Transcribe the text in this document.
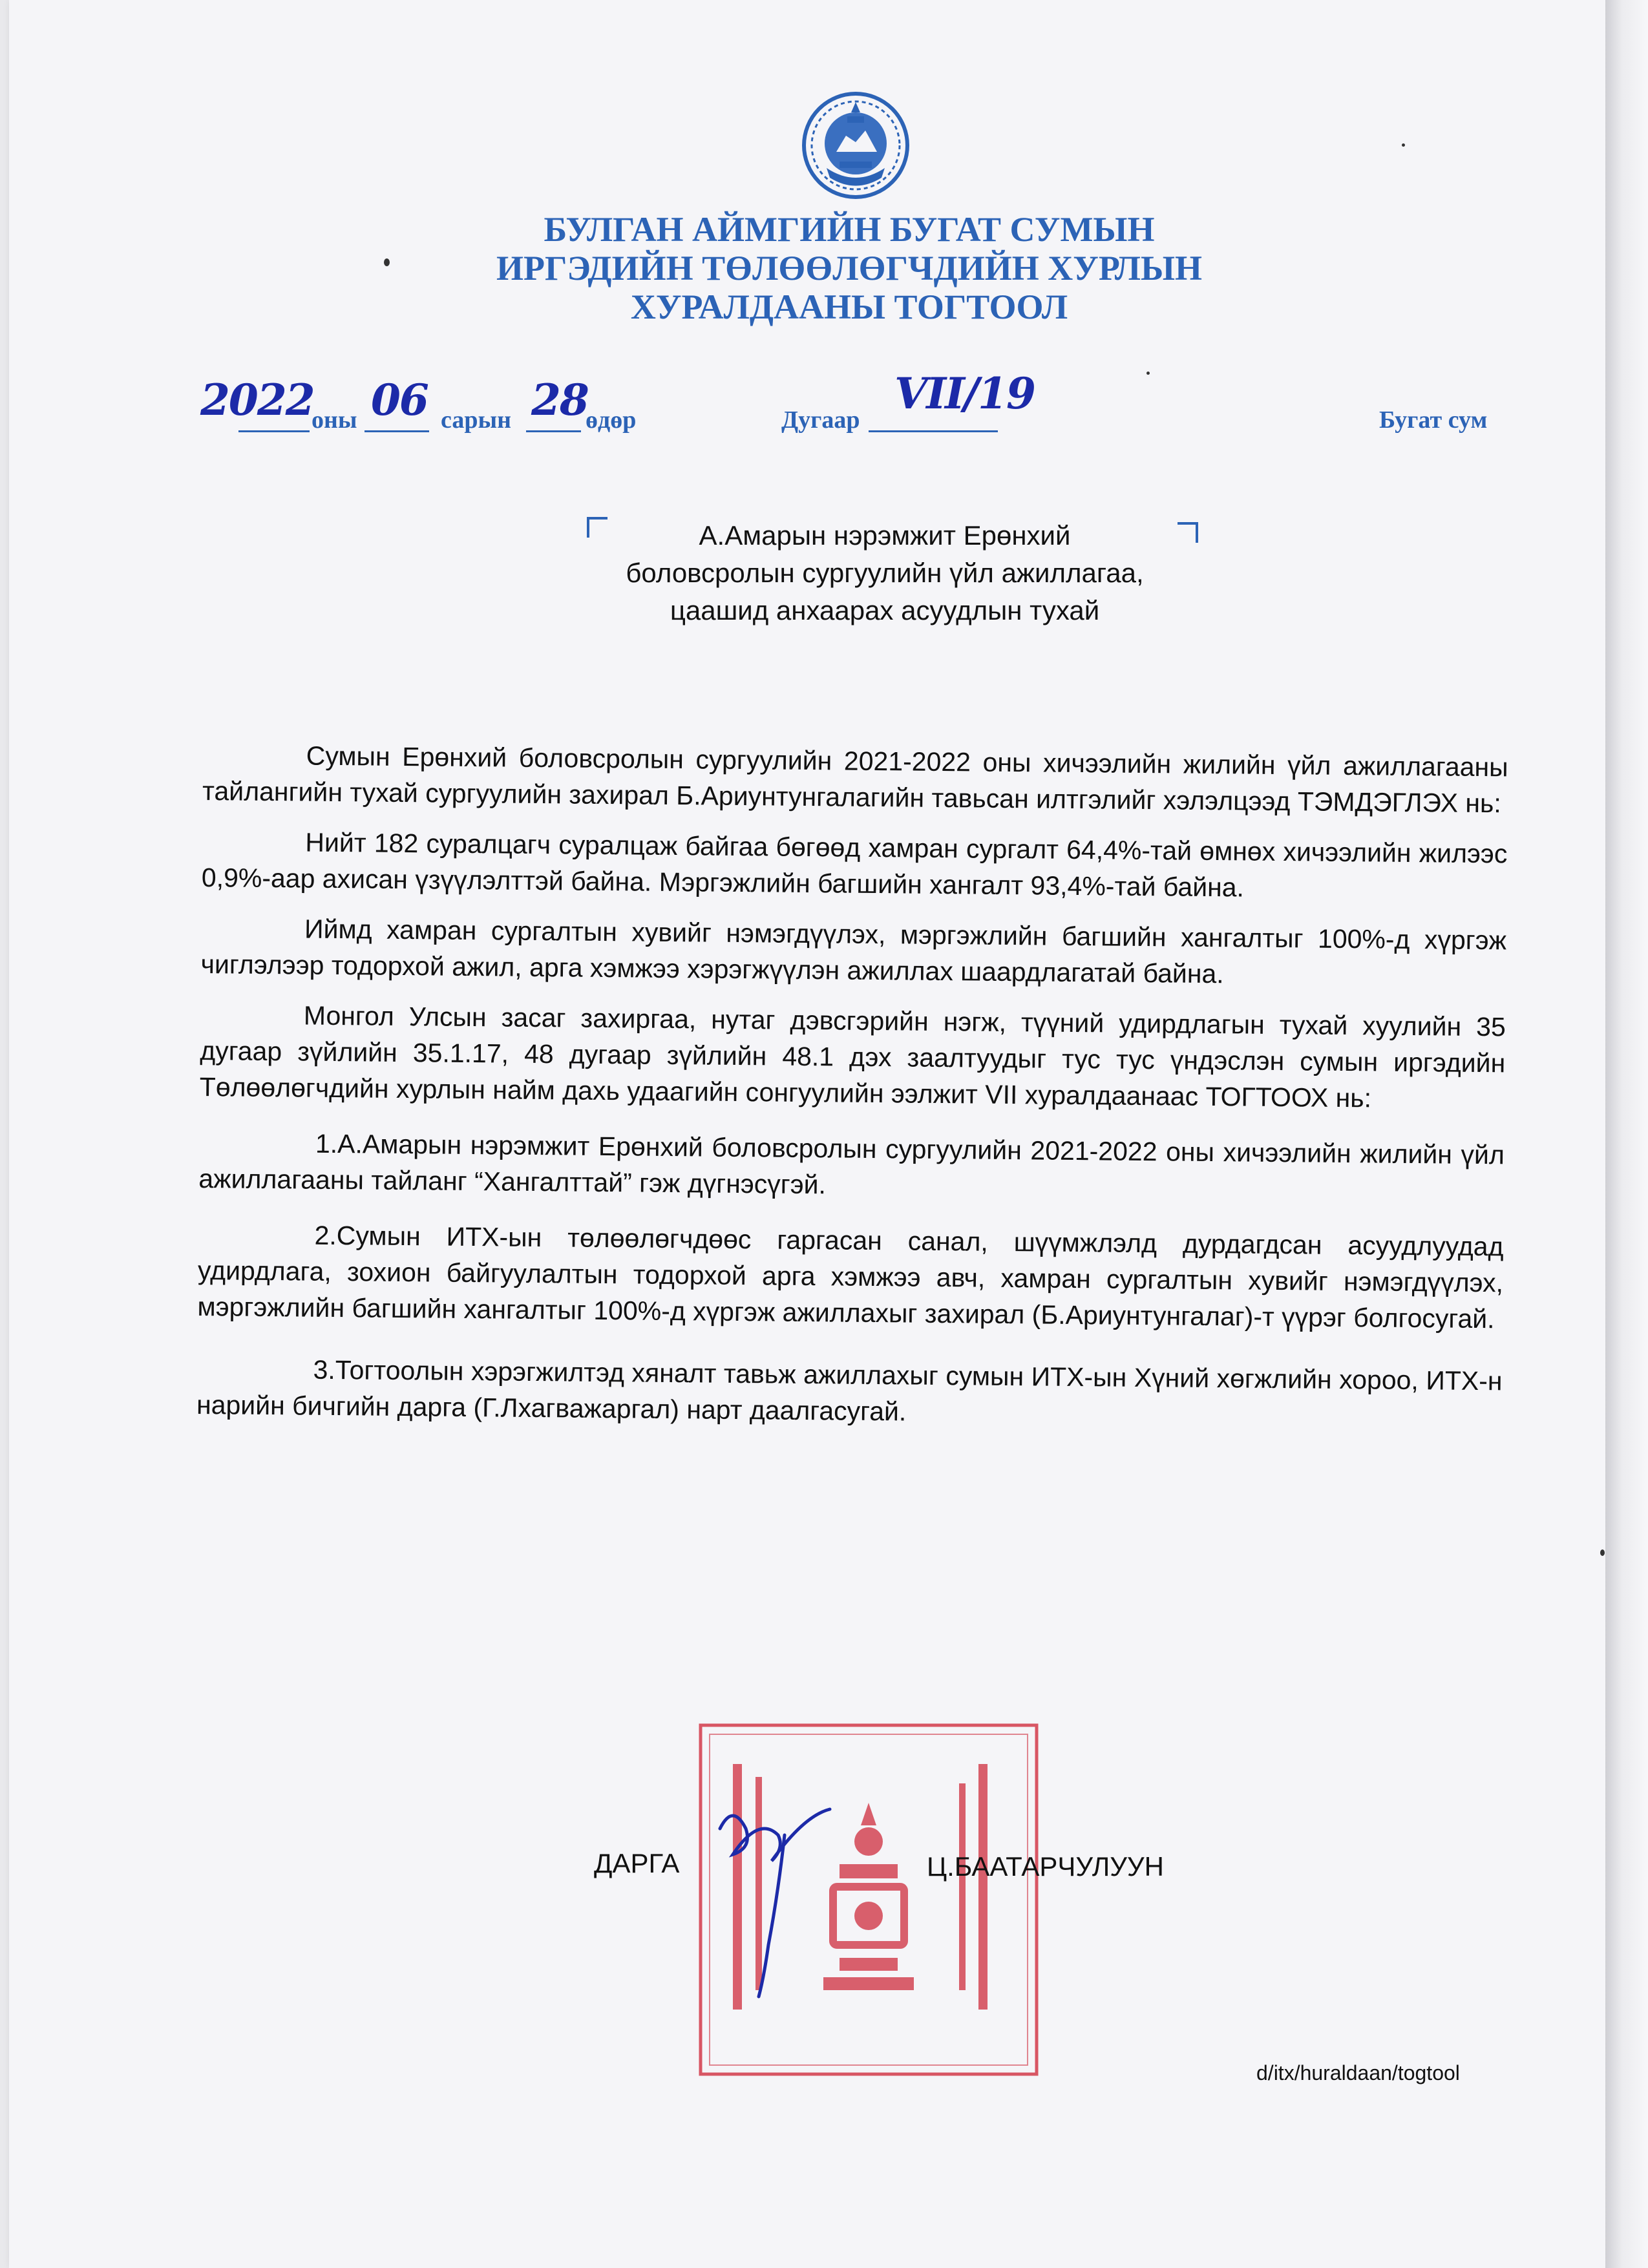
БУЛГАН АЙМГИЙН БУГАТ СУМЫН
ИРГЭДИЙН ТӨЛӨӨЛӨГЧДИЙН ХУРЛЫН
ХУРАЛДААНЫ ТОГТООЛ
2022
оны 06 сарын 28
өдөр	Дугаар
VII/19
Бугат сум
А.Амарын нэрэмжит Ерөнхий
боловсролын сургуулийн үйл ажиллагаа,
цаашид анхаарах асуудлын тухай

Сумын Ерөнхий боловсролын сургуулийн 2021-2022 оны хичээлийн жилийн үйл ажиллагааны тайлангийн тухай сургуулийн захирал Б.Ариунтунгалагийн тавьсан илтгэлийг хэлэлцээд ТЭМДЭГЛЭХ нь:

Нийт 182 суралцагч суралцаж байгаа бөгөөд хамран сургалт 64,4%-тай өмнөх хичээлийн жилээс 0,9%-аар ахисан үзүүлэлттэй байна. Мэргэжлийн багшийн хангалт 93,4%-тай байна.

Иймд хамран сургалтын хувийг нэмэгдүүлэх, мэргэжлийн багшийн хангалтыг 100%-д хүргэж чиглэлээр тодорхой ажил, арга хэмжээ хэрэгжүүлэн ажиллах шаардлагатай байна.

Монгол Улсын засаг захиргаа, нутаг дэвсгэрийн нэгж, түүний удирдлагын тухай хуулийн 35 дугаар зүйлийн 35.1.17, 48 дугаар зүйлийн 48.1 дэх заалтуудыг тус тус үндэслэн сумын иргэдийн Төлөөлөгчдийн хурлын найм дахь удаагийн сонгуулийн ээлжит VII хуралдаанаас ТОГТООХ нь:

1.А.Амарын нэрэмжит Ерөнхий боловсролын сургуулийн 2021-2022 оны хичээлийн жилийн үйл ажиллагааны тайланг “Хангалттай” гэж дүгнэсүгэй.

2.Сумын ИТХ-ын төлөөлөгчдөөс гаргасан санал, шүүмжлэлд дурдагдсан асуудлуудад удирдлага, зохион байгуулалтын тодорхой арга хэмжээ авч, хамран сургалтын хувийг нэмэгдүүлэх, мэргэжлийн багшийн хангалтыг 100%-д хүргэж ажиллахыг захирал (Б.Ариунтунгалаг)-т үүрэг болгосугай.

3.Тогтоолын хэрэгжилтэд хяналт тавьж ажиллахыг сумын ИТХ-ын Хүний хөгжлийн хороо, ИТХ-н нарийн бичгийн дарга (Г.Лхагважаргал) нарт даалгасугай.

ДАРГА	Ц.БААТАРЧУЛУУН
d/itx/huraldaan/togtool
